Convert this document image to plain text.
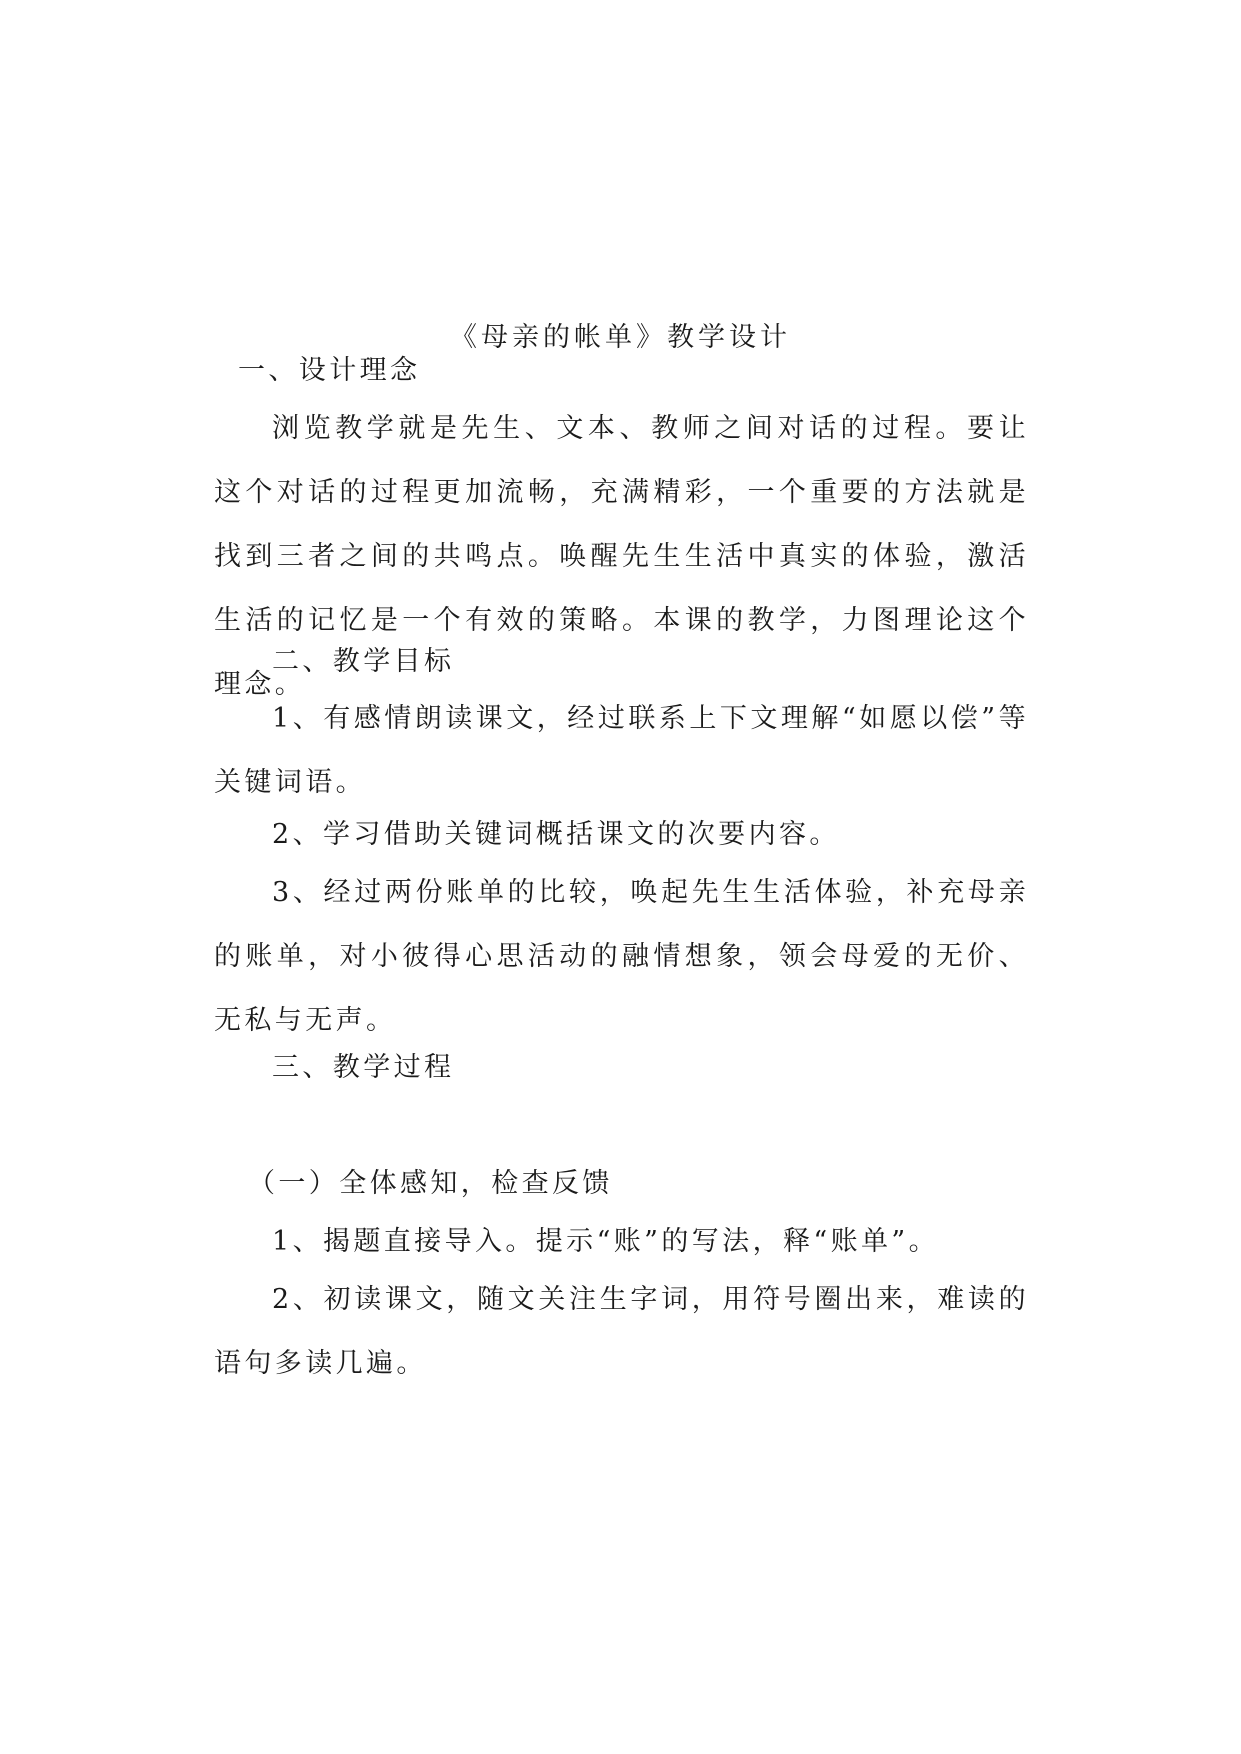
《母亲的帐单》教学设计
一、设计理念
浏览教学就是先生、文本、教师之间对话的过程。要让这个对话的过程更加流畅，充满精彩，一个重要的方法就是找到三者之间的共鸣点。唤醒先生生活中真实的体验，激活生活的记忆是一个有效的策略。本课的教学，力图理论这个理念。
二、教学目标
1、有感情朗读课文，经过联系上下文理解“如愿以偿”等关键词语。
2、学习借助关键词概括课文的次要内容。
3、经过两份账单的比较，唤起先生生活体验，补充母亲的账单，对小彼得心思活动的融情想象，领会母爱的无价、无私与无声。
三、教学过程
（一）全体感知，检查反馈
1、揭题直接导入。提示“账”的写法，释“账单”。
2、初读课文，随文关注生字词，用符号圈出来，难读的语句多读几遍。
